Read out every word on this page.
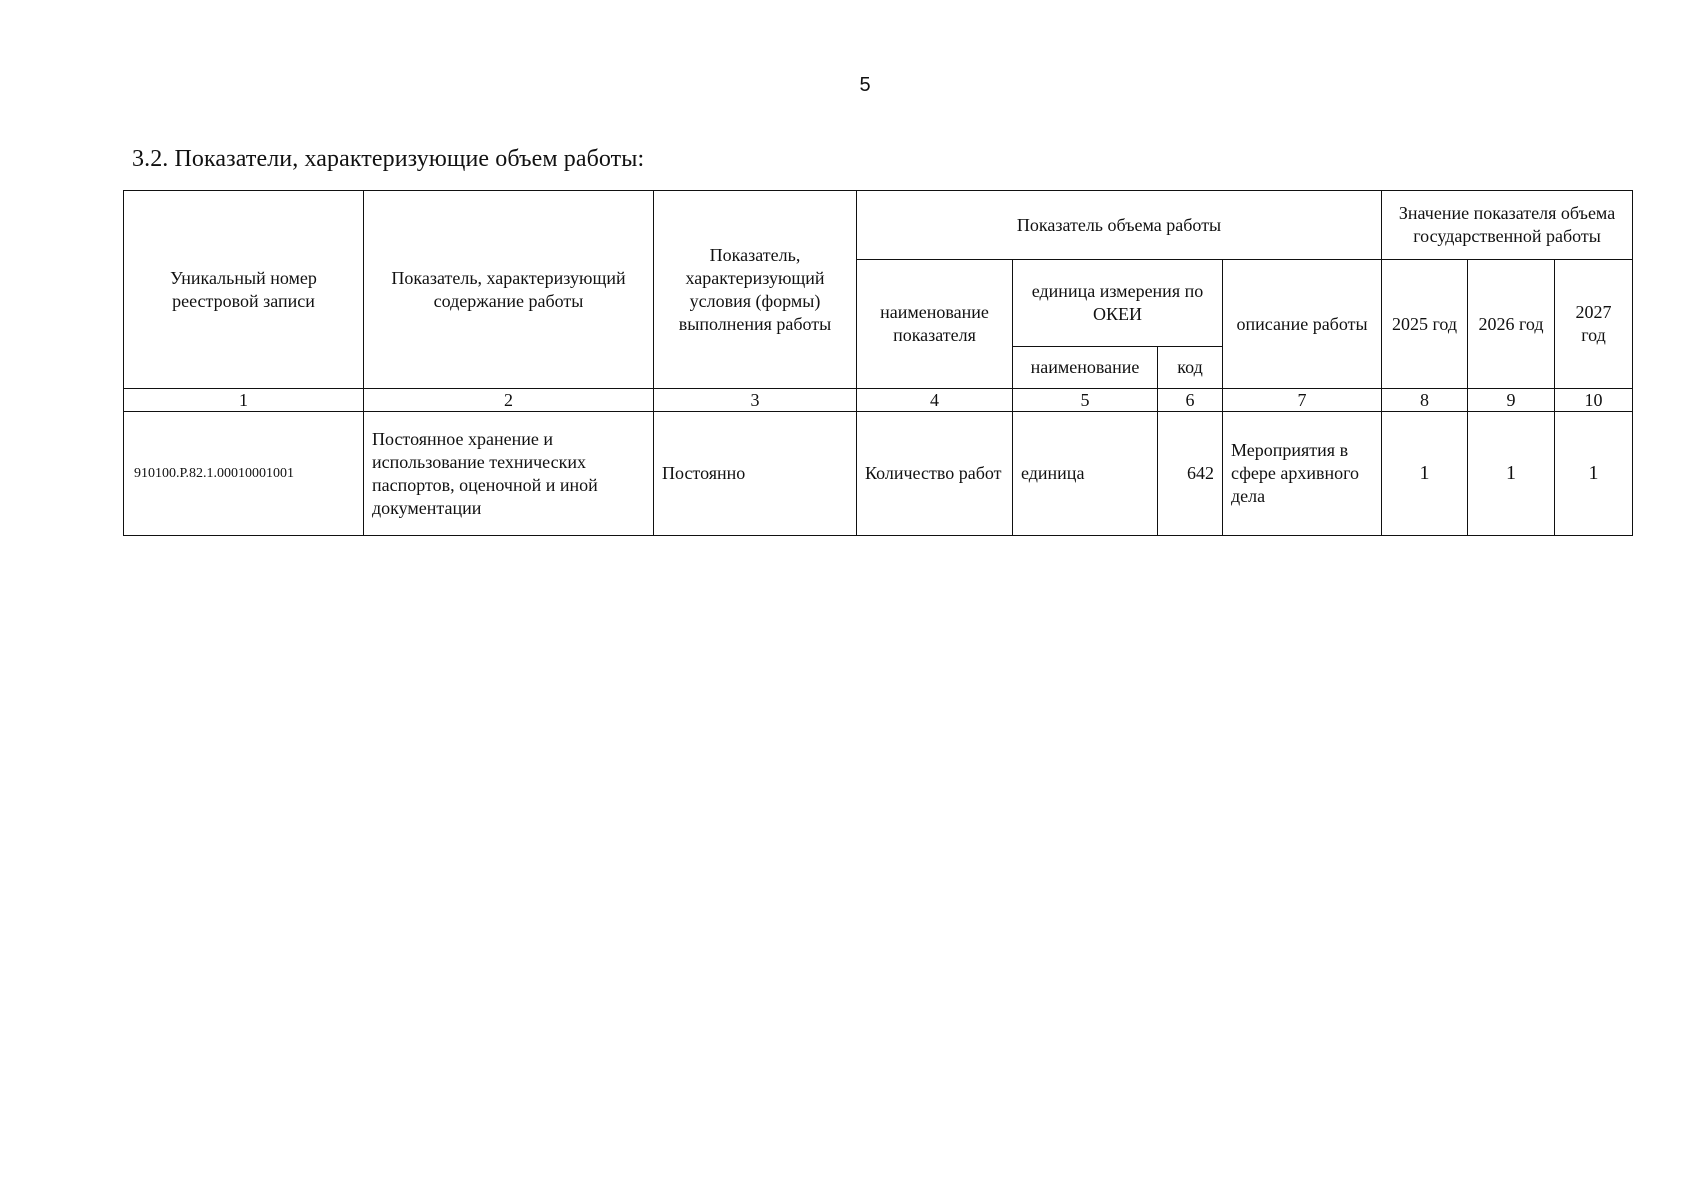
5
3.2. Показатели, характеризующие объем работы:
Уникальный номер реестровой записи	Показатель, характеризующий содержание работы	Показатель, характеризующий условия (формы) выполнения работы	Показатель объема работы				Значение показателя объема государственной работы		
			наименование показателя	единица измерения по ОКЕИ		описание работы	2025 год	2026 год	2027 год
				наименование	код				
1	2	3	4	5	6	7	8	9	10
910100.Р.82.1.00010001001	Постоянное хранение и использование технических паспортов, оценочной и иной документации	Постоянно	Количество работ	единица	642	Мероприятия в сфере архивного дела	1	1	1
